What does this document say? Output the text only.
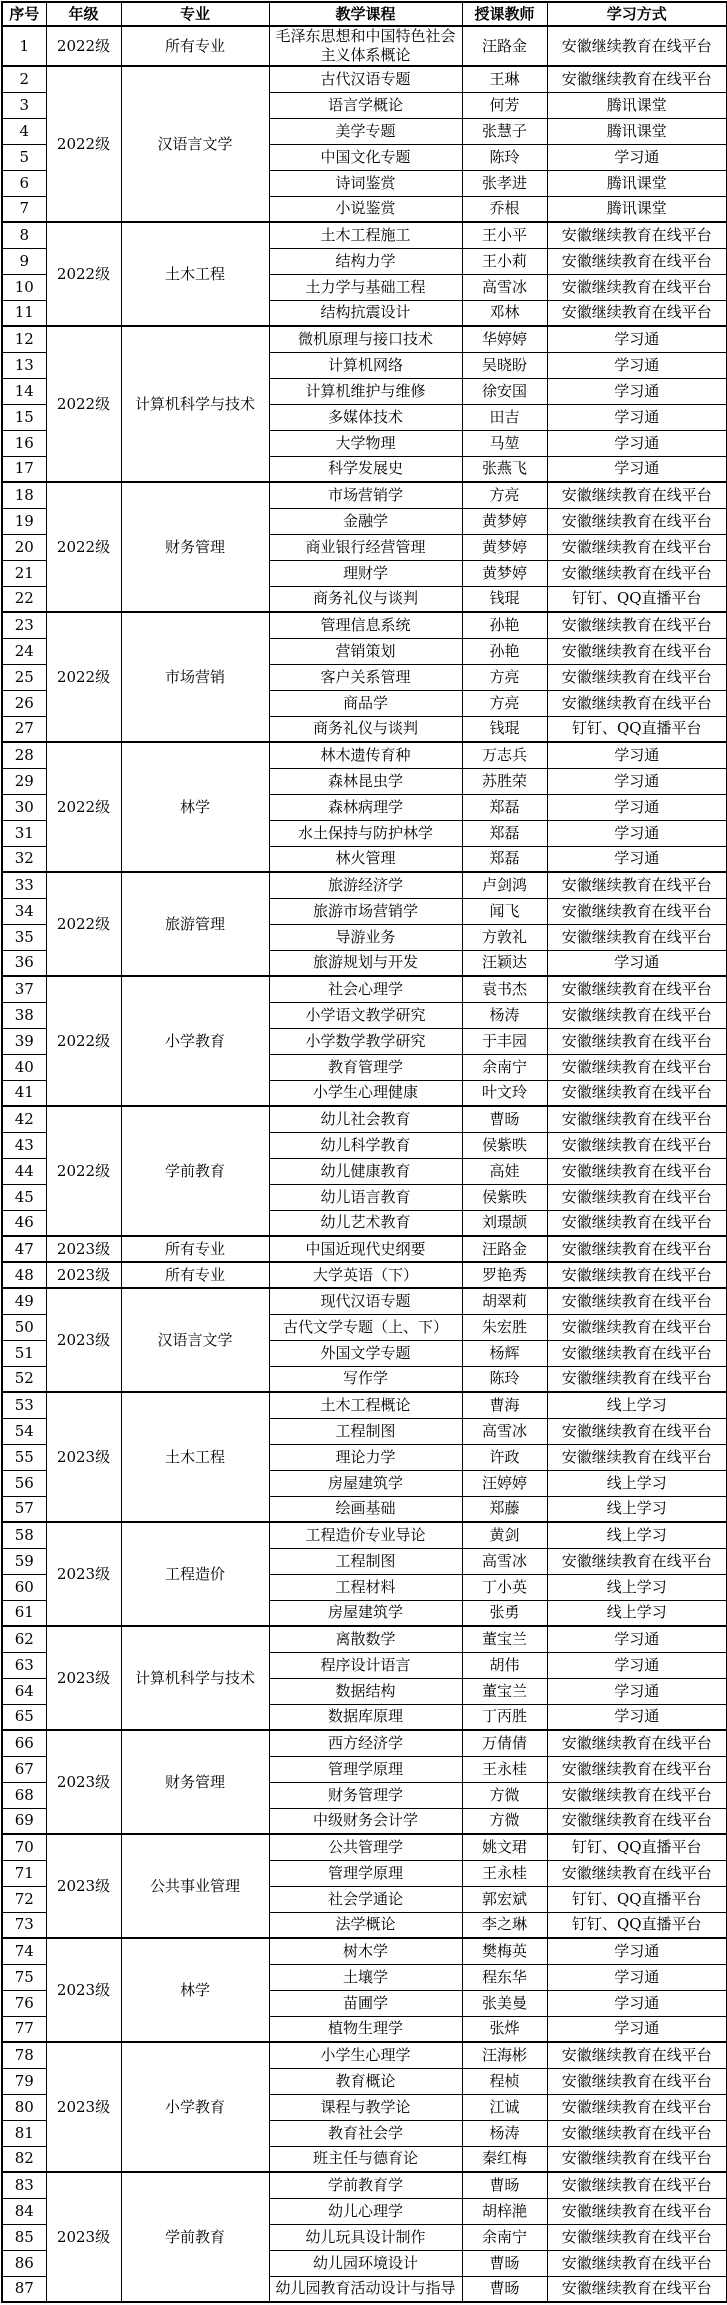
序号	年级	专业	教学课程	授课教师	学习方式
1	2022级	所有专业	毛泽东思想和中国特色社会主义体系概论	汪路金	安徽继续教育在线平台
2	2022级	汉语言文学	古代汉语专题	王琳	安徽继续教育在线平台
3			语言学概论	何芳	腾讯课堂
4			美学专题	张慧子	腾讯课堂
5			中国文化专题	陈玲	学习通
6			诗词鉴赏	张孝进	腾讯课堂
7			小说鉴赏	乔根	腾讯课堂
8	2022级	土木工程	土木工程施工	王小平	安徽继续教育在线平台
9			结构力学	王小莉	安徽继续教育在线平台
10			土力学与基础工程	高雪冰	安徽继续教育在线平台
11			结构抗震设计	邓林	安徽继续教育在线平台
12	2022级	计算机科学与技术	微机原理与接口技术	华婷婷	学习通
13			计算机网络	吴晓盼	学习通
14			计算机维护与维修	徐安国	学习通
15			多媒体技术	田吉	学习通
16			大学物理	马堃	学习通
17			科学发展史	张燕飞	学习通
18	2022级	财务管理	市场营销学	方亮	安徽继续教育在线平台
19			金融学	黄梦婷	安徽继续教育在线平台
20			商业银行经营管理	黄梦婷	安徽继续教育在线平台
21			理财学	黄梦婷	安徽继续教育在线平台
22			商务礼仪与谈判	钱琨	钉钉、QQ直播平台
23	2022级	市场营销	管理信息系统	孙艳	安徽继续教育在线平台
24			营销策划	孙艳	安徽继续教育在线平台
25			客户关系管理	方亮	安徽继续教育在线平台
26			商品学	方亮	安徽继续教育在线平台
27			商务礼仪与谈判	钱琨	钉钉、QQ直播平台
28	2022级	林学	林木遗传育种	万志兵	学习通
29			森林昆虫学	苏胜荣	学习通
30			森林病理学	郑磊	学习通
31			水土保持与防护林学	郑磊	学习通
32			林火管理	郑磊	学习通
33	2022级	旅游管理	旅游经济学	卢剑鸿	安徽继续教育在线平台
34			旅游市场营销学	闻飞	安徽继续教育在线平台
35			导游业务	方敦礼	安徽继续教育在线平台
36			旅游规划与开发	汪颖达	学习通
37	2022级	小学教育	社会心理学	袁书杰	安徽继续教育在线平台
38			小学语文教学研究	杨涛	安徽继续教育在线平台
39			小学数学教学研究	于丰园	安徽继续教育在线平台
40			教育管理学	余南宁	安徽继续教育在线平台
41			小学生心理健康	叶文玲	安徽继续教育在线平台
42	2022级	学前教育	幼儿社会教育	曹旸	安徽继续教育在线平台
43			幼儿科学教育	侯紫昳	安徽继续教育在线平台
44			幼儿健康教育	高娃	安徽继续教育在线平台
45			幼儿语言教育	侯紫昳	安徽继续教育在线平台
46			幼儿艺术教育	刘璟颉	安徽继续教育在线平台
47	2023级	所有专业	中国近现代史纲要	汪路金	安徽继续教育在线平台
48	2023级	所有专业	大学英语（下）	罗艳秀	安徽继续教育在线平台
49	2023级	汉语言文学	现代汉语专题	胡翠莉	安徽继续教育在线平台
50			古代文学专题（上、下）	朱宏胜	安徽继续教育在线平台
51			外国文学专题	杨辉	安徽继续教育在线平台
52			写作学	陈玲	安徽继续教育在线平台
53	2023级	土木工程	土木工程概论	曹海	线上学习
54			工程制图	高雪冰	安徽继续教育在线平台
55			理论力学	许政	安徽继续教育在线平台
56			房屋建筑学	汪婷婷	线上学习
57			绘画基础	郑藤	线上学习
58	2023级	工程造价	工程造价专业导论	黄剑	线上学习
59			工程制图	高雪冰	安徽继续教育在线平台
60			工程材料	丁小英	线上学习
61			房屋建筑学	张勇	线上学习
62	2023级	计算机科学与技术	离散数学	董宝兰	学习通
63			程序设计语言	胡伟	学习通
64			数据结构	董宝兰	学习通
65			数据库原理	丁丙胜	学习通
66	2023级	财务管理	西方经济学	万倩倩	安徽继续教育在线平台
67			管理学原理	王永桂	安徽继续教育在线平台
68			财务管理学	方微	安徽继续教育在线平台
69			中级财务会计学	方微	安徽继续教育在线平台
70	2023级	公共事业管理	公共管理学	姚文珺	钉钉、QQ直播平台
71			管理学原理	王永桂	安徽继续教育在线平台
72			社会学通论	郭宏斌	钉钉、QQ直播平台
73			法学概论	李之琳	钉钉、QQ直播平台
74	2023级	林学	树木学	樊梅英	学习通
75			土壤学	程东华	学习通
76			苗圃学	张美曼	学习通
77			植物生理学	张烨	学习通
78	2023级	小学教育	小学生心理学	汪海彬	安徽继续教育在线平台
79			教育概论	程桢	安徽继续教育在线平台
80			课程与教学论	江诚	安徽继续教育在线平台
81			教育社会学	杨涛	安徽继续教育在线平台
82			班主任与德育论	秦红梅	安徽继续教育在线平台
83	2023级	学前教育	学前教育学	曹旸	安徽继续教育在线平台
84			幼儿心理学	胡梓滟	安徽继续教育在线平台
85			幼儿玩具设计制作	余南宁	安徽继续教育在线平台
86			幼儿园环境设计	曹旸	安徽继续教育在线平台
87			幼儿园教育活动设计与指导	曹旸	安徽继续教育在线平台
